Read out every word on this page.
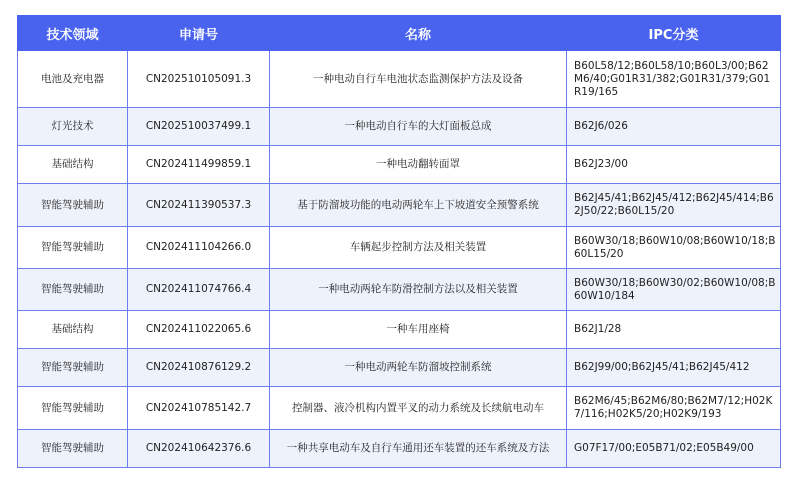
技术领域	申请号	名称	IPC分类
电池及充电器	CN202510105091.3	一种电动自行车电池状态监测保护方法及设备	B60L58/12;B60L58/10;B60L3/00;B62M6/40;G01R31/382;G01R31/379;G01R19/165
灯光技术	CN202510037499.1	一种电动自行车的大灯面板总成	B62J6/026
基础结构	CN202411499859.1	一种电动翻转面罩	B62J23/00
智能驾驶辅助	CN202411390537.3	基于防溜坡功能的电动两轮车上下坡道安全预警系统	B62J45/41;B62J45/412;B62J45/414;B62J50/22;B60L15/20
智能驾驶辅助	CN202411104266.0	车辆起步控制方法及相关装置	B60W30/18;B60W10/08;B60W10/18;B60L15/20
智能驾驶辅助	CN202411074766.4	一种电动两轮车防滑控制方法以及相关装置	B60W30/18;B60W30/02;B60W10/08;B60W10/184
基础结构	CN202411022065.6	一种车用座椅	B62J1/28
智能驾驶辅助	CN202410876129.2	一种电动两轮车防溜坡控制系统	B62J99/00;B62J45/41;B62J45/412
智能驾驶辅助	CN202410785142.7	控制器、液冷机构内置平叉的动力系统及长续航电动车	B62M6/45;B62M6/80;B62M7/12;H02K7/116;H02K5/20;H02K9/193
智能驾驶辅助	CN202410642376.6	一种共享电动车及自行车通用还车装置的还车系统及方法	G07F17/00;E05B71/02;E05B49/00
